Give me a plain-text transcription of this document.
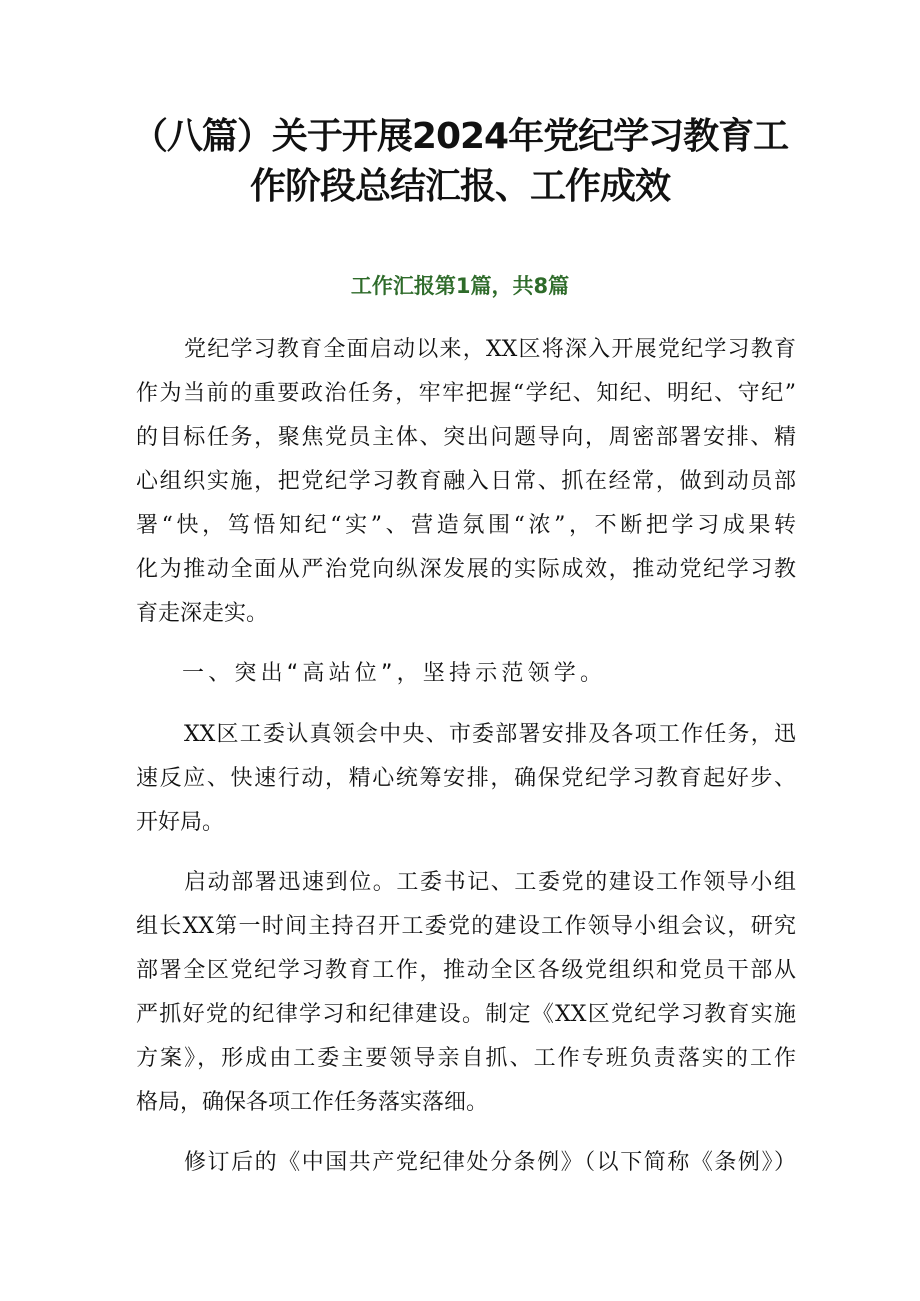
（八篇）关于开展2024年党纪学习教育工
作阶段总结汇报、工作成效
工作汇报第1篇，共8篇

党纪学习教育全面启动以来，XX区将深入开展党纪学习教育

作为当前的重要政治任务，牢牢把握“学纪、知纪、明纪、守纪”

的目标任务，聚焦党员主体、突出问题导向，周密部署安排、精

心组织实施，把党纪学习教育融入日常、抓在经常，做到动员部

署“快，笃悟知纪“实”、营造氛围“浓”，不断把学习成果转

化为推动全面从严治党向纵深发展的实际成效，推动党纪学习教

育走深走实。

一、突出“高站位”，坚持示范领学。

XX区工委认真领会中央、市委部署安排及各项工作任务，迅

速反应、快速行动，精心统筹安排，确保党纪学习教育起好步、

开好局。

启动部署迅速到位。工委书记、工委党的建设工作领导小组

组长XX第一时间主持召开工委党的建设工作领导小组会议，研究

部署全区党纪学习教育工作，推动全区各级党组织和党员干部从

严抓好党的纪律学习和纪律建设。制定《XX区党纪学习教育实施

方案》，形成由工委主要领导亲自抓、工作专班负责落实的工作

格局，确保各项工作任务落实落细。

修订后的《中国共产党纪律处分条例》（以下简称《条例》）
